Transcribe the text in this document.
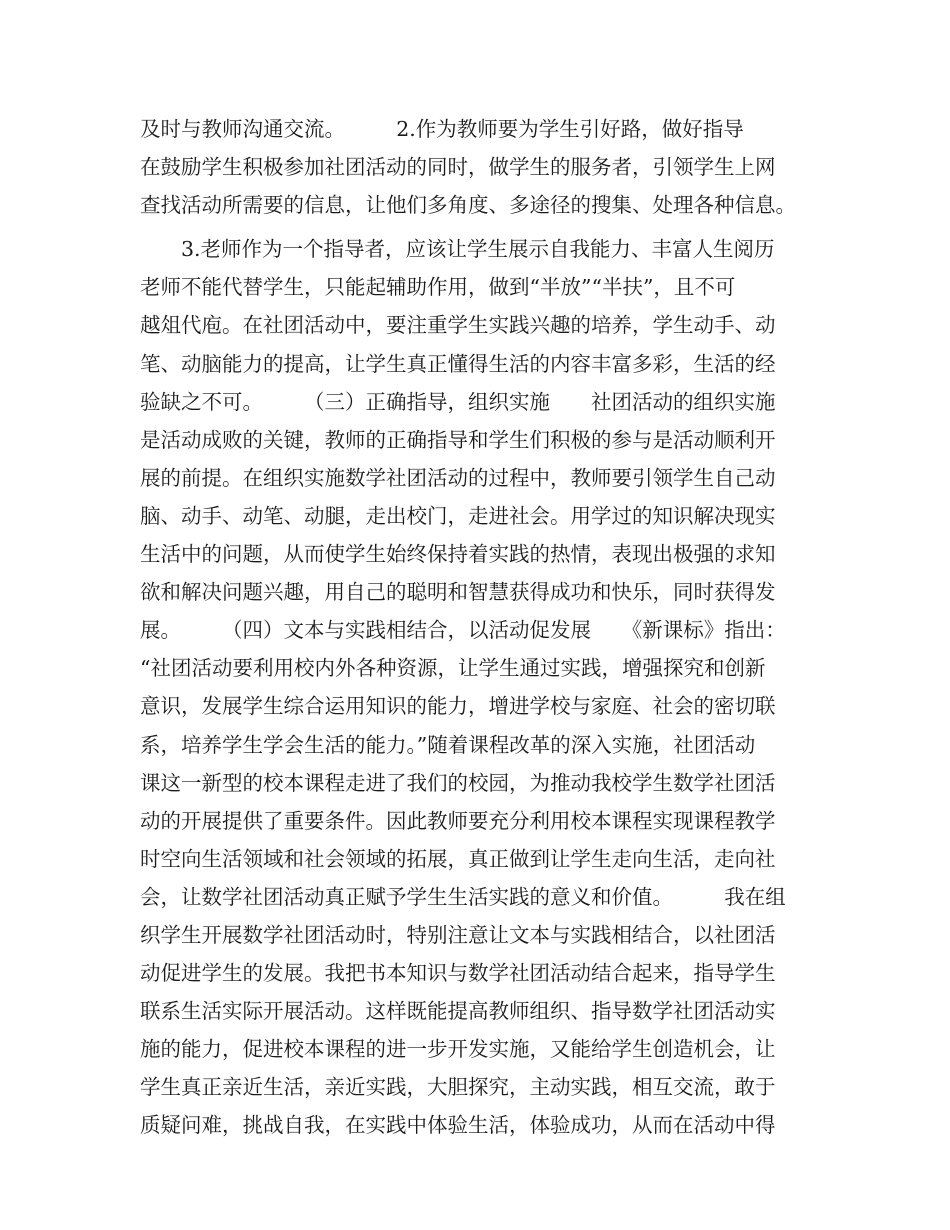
及时与教师沟通交流。　　　2.作为教师要为学生引好路，做好指导
在鼓励学生积极参加社团活动的同时，做学生的服务者，引领学生上网
查找活动所需要的信息，让他们多角度、多途径的搜集、处理各种信息。
3.老师作为一个指导者，应该让学生展示自我能力、丰富人生阅历
老师不能代替学生，只能起辅助作用，做到“半放”“半扶”，且不可
越俎代庖。在社团活动中，要注重学生实践兴趣的培养，学生动手、动
笔、动脑能力的提高，让学生真正懂得生活的内容丰富多彩，生活的经
验缺之不可。　　　（三）正确指导，组织实施　　社团活动的组织实施
是活动成败的关键，教师的正确指导和学生们积极的参与是活动顺利开
展的前提。在组织实施数学社团活动的过程中，教师要引领学生自己动
脑、动手、动笔、动腿，走出校门，走进社会。用学过的知识解决现实
生活中的问题，从而使学生始终保持着实践的热情，表现出极强的求知
欲和解决问题兴趣，用自己的聪明和智慧获得成功和快乐，同时获得发
展。　　　（四）文本与实践相结合，以活动促发展　　《新课标》指出：
“社团活动要利用校内外各种资源，让学生通过实践，增强探究和创新
意识，发展学生综合运用知识的能力，增进学校与家庭、社会的密切联
系，培养学生学会生活的能力。”随着课程改革的深入实施，社团活动
课这一新型的校本课程走进了我们的校园，为推动我校学生数学社团活
动的开展提供了重要条件。因此教师要充分利用校本课程实现课程教学
时空向生活领域和社会领域的拓展，真正做到让学生走向生活，走向社
会，让数学社团活动真正赋予学生生活实践的意义和价值。　　　我在组
织学生开展数学社团活动时，特别注意让文本与实践相结合，以社团活
动促进学生的发展。我把书本知识与数学社团活动结合起来，指导学生
联系生活实际开展活动。这样既能提高教师组织、指导数学社团活动实
施的能力，促进校本课程的进一步开发实施，又能给学生创造机会，让
学生真正亲近生活，亲近实践，大胆探究，主动实践，相互交流，敢于
质疑问难，挑战自我，在实践中体验生活，体验成功，从而在活动中得
